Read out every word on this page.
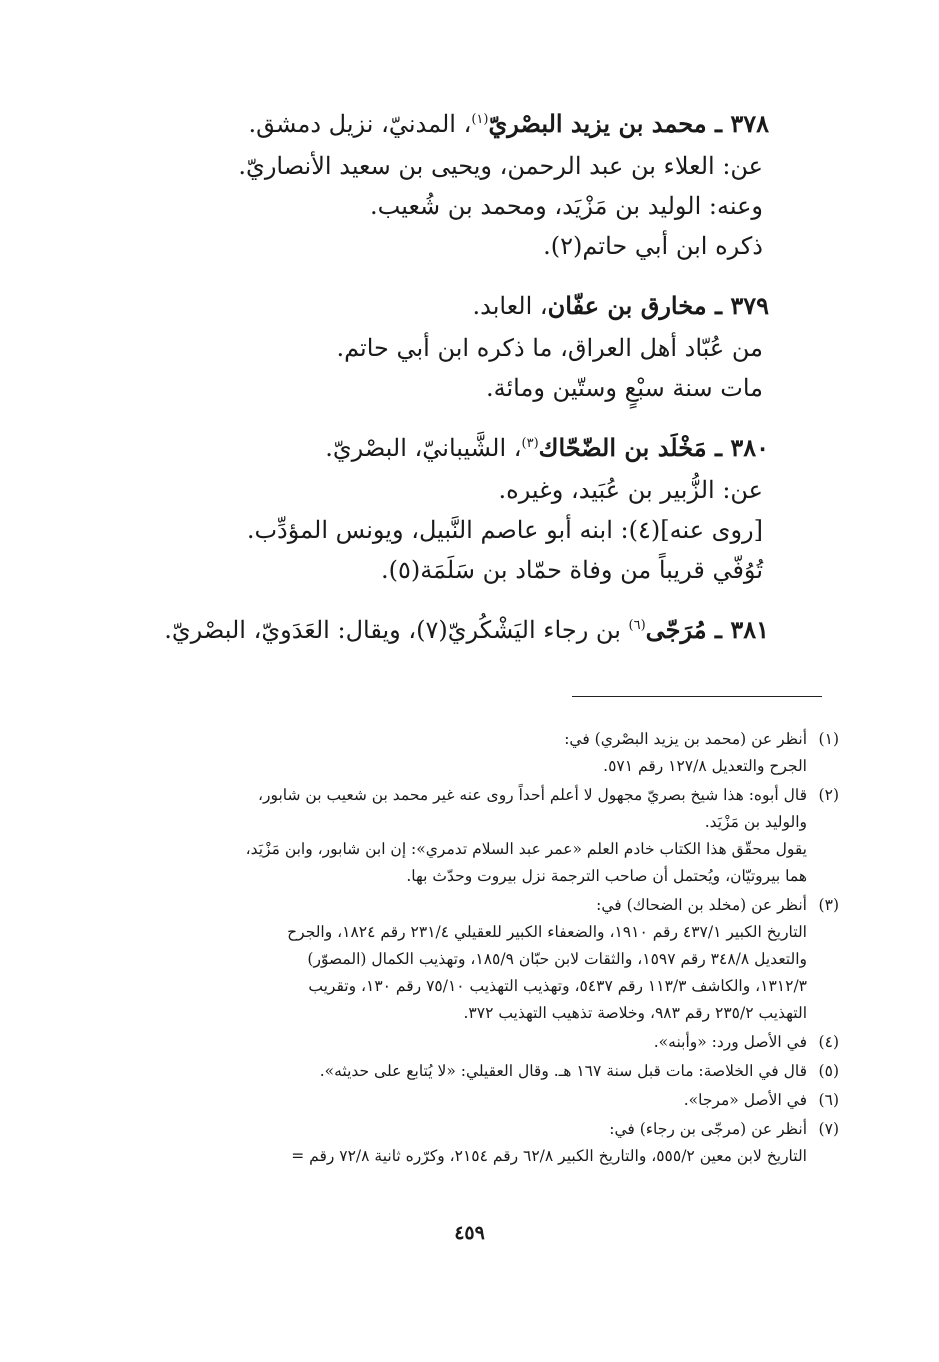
٣٧٨ ـ محمد بن يزيد البصْريّ$^{(١)}$، المدنيّ، نزيل دمشق.
عن: العلاء بن عبد الرحمن، ويحيى بن سعيد الأنصاريّ.
وعنه: الوليد بن مَزْيَد، ومحمد بن شُعيب.
ذكره ابن أبي حاتم(٢).
٣٧٩ ـ مخارق بن عفّان، العابد.
من عُبّاد أهل العراق، ما ذكره ابن أبي حاتم.
مات سنة سبْعٍ وستّين ومائة.
٣٨٠ ـ مَخْلَد بن الضّحّاك$^{(٣)}$، الشَّيبانيّ، البصْريّ.
عن: الزُّبير بن عُبَيد، وغيره.
[روى عنه](٤): ابنه أبو عاصم النَّبيل، ويونس المؤدِّب.
تُوُفّي قريباً من وفاة حمّاد بن سَلَمَة(٥).
٣٨١ ـ مُرَجّى$^{(٦)}$ بن رجاء اليَشْكُريّ(٧)، ويقال: العَدَويّ، البصْريّ.
(١)
أنظر عن (محمد بن يزيد البصْري) في:
الجرح والتعديل ١٢٧/٨ رقم ٥٧١.
(٢)
قال أبوه: هذا شيخ بصريّ مجهول لا أعلم أحداً روى عنه غير محمد بن شعيب بن شابور،
والوليد بن مَزْيَد.
يقول محقّق هذا الكتاب خادم العلم «عمر عبد السلام تدمري»: إن ابن شابور، وابن مَزْيَد،
هما بيروتيّان، ويُحتمل أن صاحب الترجمة نزل بيروت وحدّث بها.
(٣)
أنظر عن (مخلد بن الضحاك) في:
التاريخ الكبير ٤٣٧/١ رقم ١٩١٠، والضعفاء الكبير للعقيلي ٢٣١/٤ رقم ١٨٢٤، والجرح
والتعديل ٣٤٨/٨ رقم ١٥٩٧، والثقات لابن حبّان ١٨٥/٩، وتهذيب الكمال (المصوّر)
١٣١٢/٣، والكاشف ١١٣/٣ رقم ٥٤٣٧، وتهذيب التهذيب ٧٥/١٠ رقم ١٣٠، وتقريب
التهذيب ٢٣٥/٢ رقم ٩٨٣، وخلاصة تذهيب التهذيب ٣٧٢.
(٤)
في الأصل ورد: «وأبنه».
(٥)
قال في الخلاصة: مات قبل سنة ١٦٧ هـ. وقال العقيلي: «لا يُتابع على حديثه».
(٦)
في الأصل «مرجا».
(٧)
أنظر عن (مرجّى بن رجاء) في:
التاريخ لابن معين ٥٥٥/٢، والتاريخ الكبير ٦٢/٨ رقم ٢١٥٤، وكرّره ثانية ٧٢/٨ رقم =
٤٥٩
